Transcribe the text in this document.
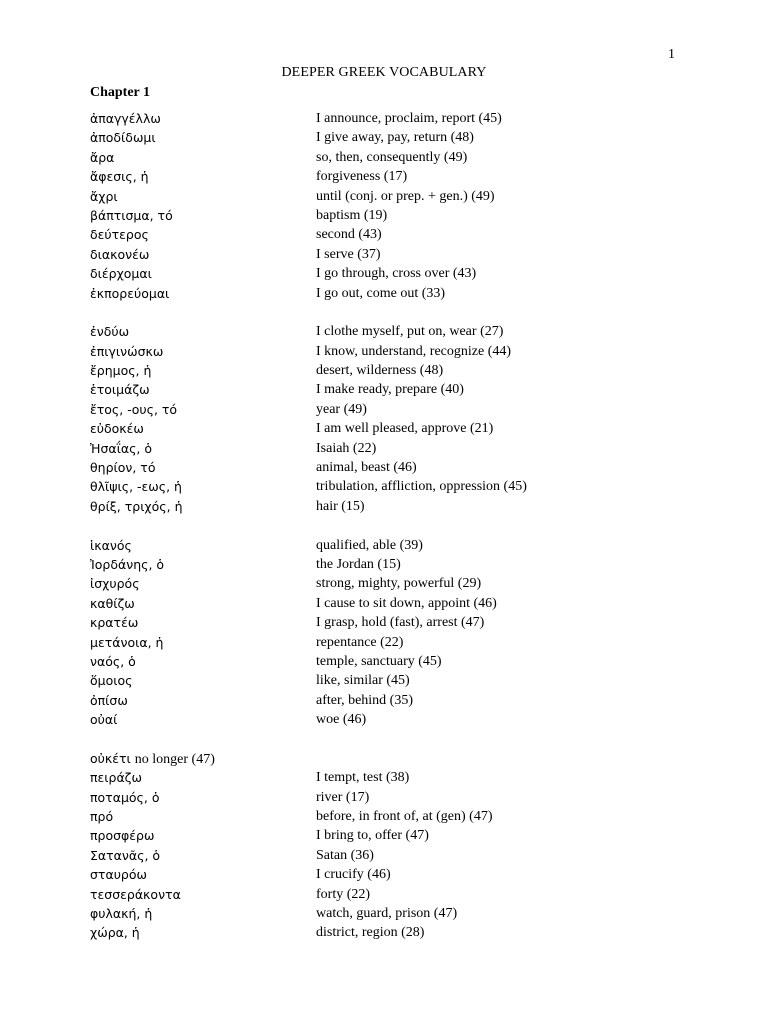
1
DEEPER GREEK VOCABULARY
Chapter 1
ἀπαγγέλλω	I announce, proclaim, report (45)
ἀποδίδωμι	I give away, pay, return (48)
ἄρα	so, then, consequently (49)
ἄφεσις, ἡ	forgiveness (17)
ἄχρι	until (conj. or prep. + gen.) (49)
βάπτισμα, τό	baptism (19)
δεύτερος	second (43)
διακονέω	I serve (37)
διέρχομαι	I go through, cross over (43)
ἐκπορεύομαι	I go out, come out (33)
ἐνδύω	I clothe myself, put on, wear (27)
ἐπιγινώσκω	I know, understand, recognize (44)
ἔρημος, ἡ	desert, wilderness (48)
ἑτοιμάζω	I make ready, prepare (40)
ἔτος, -ους, τό	year (49)
εὐδοκέω	I am well pleased, approve (21)
Ἠσαΐας, ὁ	Isaiah (22)
θηρίον, τό	animal, beast (46)
θλῖψις, -εως, ἡ	tribulation, affliction, oppression (45)
θρίξ, τριχός, ἡ	hair (15)
ἱκανός	qualified, able (39)
Ἰορδάνης, ὁ	the Jordan (15)
ἰσχυρός	strong, mighty, powerful (29)
καθίζω	I cause to sit down, appoint (46)
κρατέω	I grasp, hold (fast), arrest (47)
μετάνοια, ἡ	repentance (22)
ναός, ὁ	temple, sanctuary (45)
ὅμοιος	like, similar (45)
ὀπίσω	after, behind (35)
οὐαί	woe (46)
οὐκέτι no longer (47)
πειράζω	I tempt, test (38)
ποταμός, ὁ	river (17)
πρό	before, in front of, at (gen) (47)
προσφέρω	I bring to, offer (47)
Σατανᾶς, ὁ	Satan (36)
σταυρόω	I crucify (46)
τεσσεράκοντα	forty (22)
φυλακή, ἡ	watch, guard, prison (47)
χώρα, ἡ	district, region (28)
